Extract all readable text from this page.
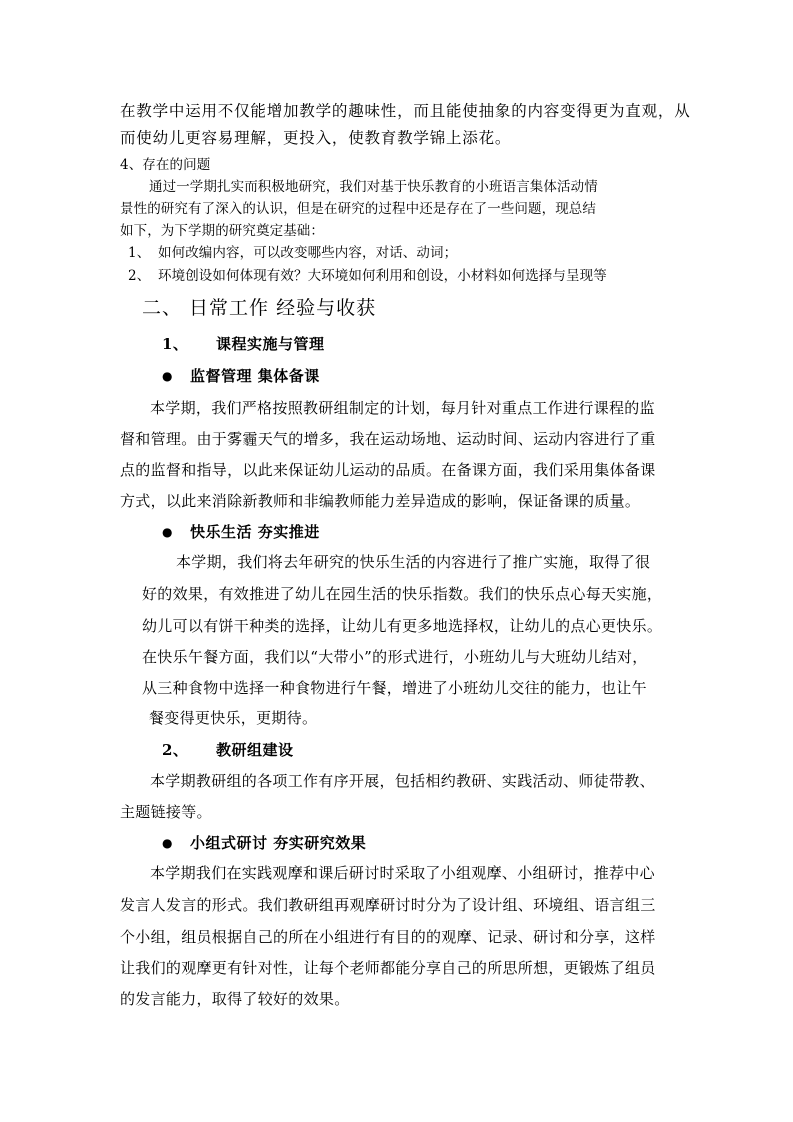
在教学中运用不仅能增加教学的趣味性，而且能使抽象的内容变得更为直观，从
而使幼儿更容易理解，更投入，使教育教学锦上添花。
4、存在的问题
通过一学期扎实而积极地研究，我们对基于快乐教育的小班语言集体活动情
景性的研究有了深入的认识，但是在研究的过程中还是存在了一些问题，现总结
如下，为下学期的研究奠定基础：
1、 如何改编内容，可以改变哪些内容，对话、动词；
2、 环境创设如何体现有效？大环境如何利用和创设，小材料如何选择与呈现等
二、 日常工作 经验与收获
1、 课程实施与管理
● 监督管理 集体备课
本学期，我们严格按照教研组制定的计划，每月针对重点工作进行课程的监
督和管理。由于雾霾天气的增多，我在运动场地、运动时间、运动内容进行了重
点的监督和指导，以此来保证幼儿运动的品质。在备课方面，我们采用集体备课
方式，以此来消除新教师和非编教师能力差异造成的影响，保证备课的质量。
● 快乐生活 夯实推进
本学期，我们将去年研究的快乐生活的内容进行了推广实施，取得了很
好的效果，有效推进了幼儿在园生活的快乐指数。我们的快乐点心每天实施，
幼儿可以有饼干种类的选择，让幼儿有更多地选择权，让幼儿的点心更快乐。
在快乐午餐方面，我们以“大带小”的形式进行，小班幼儿与大班幼儿结对，
从三种食物中选择一种食物进行午餐，增进了小班幼儿交往的能力，也让午
餐变得更快乐，更期待。
2、 教研组建设
本学期教研组的各项工作有序开展，包括相约教研、实践活动、师徒带教、
主题链接等。
● 小组式研讨 夯实研究效果
本学期我们在实践观摩和课后研讨时采取了小组观摩、小组研讨，推荐中心
发言人发言的形式。我们教研组再观摩研讨时分为了设计组、环境组、语言组三
个小组，组员根据自己的所在小组进行有目的的观摩、记录、研讨和分享，这样
让我们的观摩更有针对性，让每个老师都能分享自己的所思所想，更锻炼了组员
的发言能力，取得了较好的效果。
